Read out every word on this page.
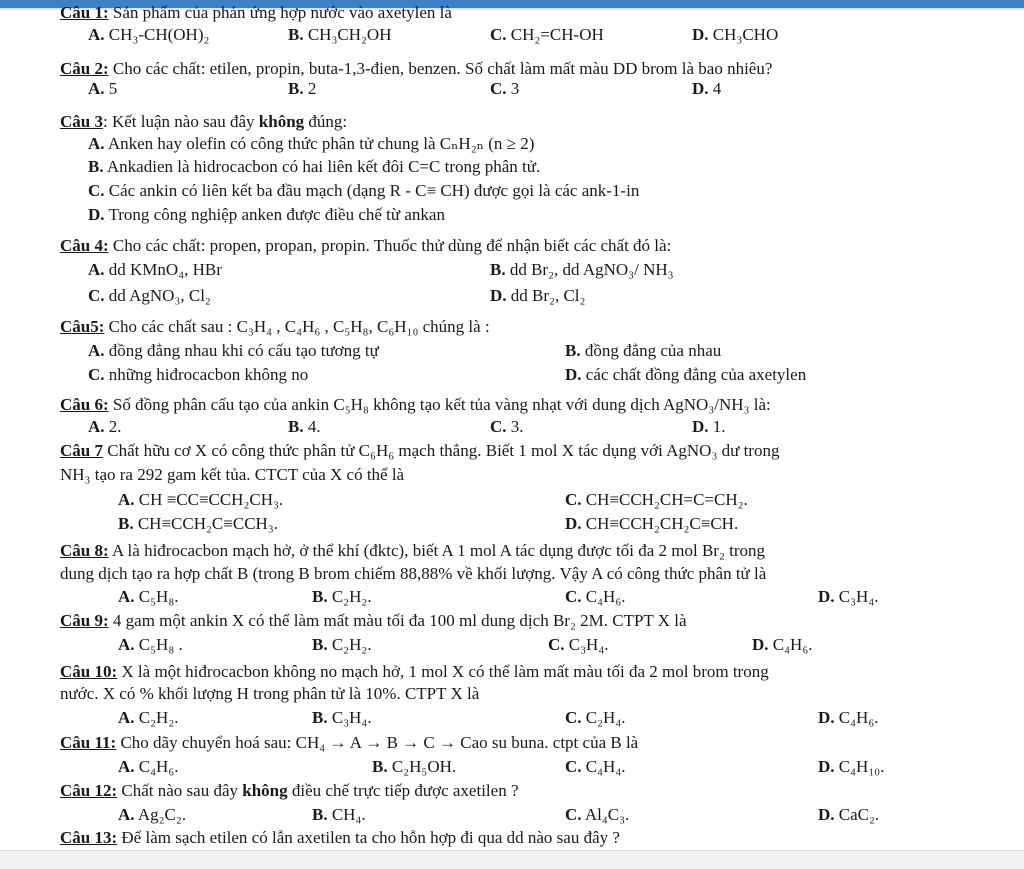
Câu 1: Sản phẩm của phản ứng hợp nước vào axetylen là
A. CH₃-CH(OH)₂	B. CH₃CH₂OH	C. CH₂=CH-OH	D. CH₃CHO
Câu 2: Cho các chất: etilen, propin, buta-1,3-đien, benzen. Số chất làm mất màu DD brom là bao nhiêu?
A. 5	B. 2	C. 3	D. 4
Câu 3: Kết luận nào sau đây không đúng:
A. Anken hay olefin có công thức phân tử chung là CₙH₂ₙ (n ≥ 2)
B. Ankadien là hidrocacbon có hai liên kết đôi C=C trong phân tử.
C. Các ankin có liên kết ba đầu mạch (dạng R - C≡ CH) được gọi là các ank-1-in
D. Trong công nghiệp anken được điều chế từ ankan
Câu 4: Cho các chất: propen, propan, propin. Thuốc thử dùng để nhận biết các chất đó là:
A. dd KMnO₄, HBr	B. dd Br₂, dd AgNO₃/ NH₃
C. dd AgNO₃, Cl₂	D. dd Br₂, Cl₂
Câu5: Cho các chất sau : C₃H₄ , C₄H₆ , C₅H₈, C₆H₁₀ chúng là :
A. đồng đẳng nhau khi có cấu tạo tương tự	B. đồng đẳng của nhau
C. những hiđrocacbon không no	D. các chất đồng đẳng của axetylen
Câu 6: Số đồng phân cấu tạo của ankin C₅H₈ không tạo kết tủa vàng nhạt với dung dịch AgNO₃/NH₃ là:
A. 2.	B. 4.	C. 3.	D. 1.
Câu 7 Chất hữu cơ X có công thức phân tử C₆H₆ mạch thẳng. Biết 1 mol X tác dụng với AgNO₃ dư trong
NH₃ tạo ra 292 gam kết tủa. CTCT của X có thể là
A. CH ≡CC≡CCH₂CH₃.	C. CH≡CCH₂CH=C=CH₂.
B. CH≡CCH₂C≡CCH₃.	D. CH≡CCH₂CH₂C≡CH.
Câu 8: A là hiđrocacbon mạch hở, ở thể khí (đktc), biết A 1 mol A tác dụng được tối đa 2 mol Br₂ trong
dung dịch tạo ra hợp chất B (trong B brom chiếm 88,88% về khối lượng. Vậy A có công thức phân tử là
A. C₅H₈.	B. C₂H₂.	C. C₄H₆.	D. C₃H₄.
Câu 9: 4 gam một ankin X có thể làm mất màu tối đa 100 ml dung dịch Br₂ 2M. CTPT X là
A. C₅H₈ .	B. C₂H₂.	C. C₃H₄.	D. C₄H₆.
Câu 10: X là một hiđrocacbon không no mạch hở, 1 mol X có thể làm mất màu tối đa 2 mol brom trong
nước. X có % khối lượng H trong phân tử là 10%. CTPT X là
A. C₂H₂.	B. C₃H₄.	C. C₂H₄.	D. C₄H₆.
Câu 11: Cho dãy chuyển hoá sau: CH₄ → A → B → C → Cao su buna. ctpt của B là
A. C₄H₆.	B. C₂H₅OH.	C. C₄H₄.	D. C₄H₁₀.
Câu 12: Chất nào sau đây không điều chế trực tiếp được axetilen ?
A. Ag₂C₂.	B. CH₄.	C. Al₄C₃.	D. CaC₂.
Câu 13: Để làm sạch etilen có lẫn axetilen ta cho hỗn hợp đi qua dd nào sau đây ?
